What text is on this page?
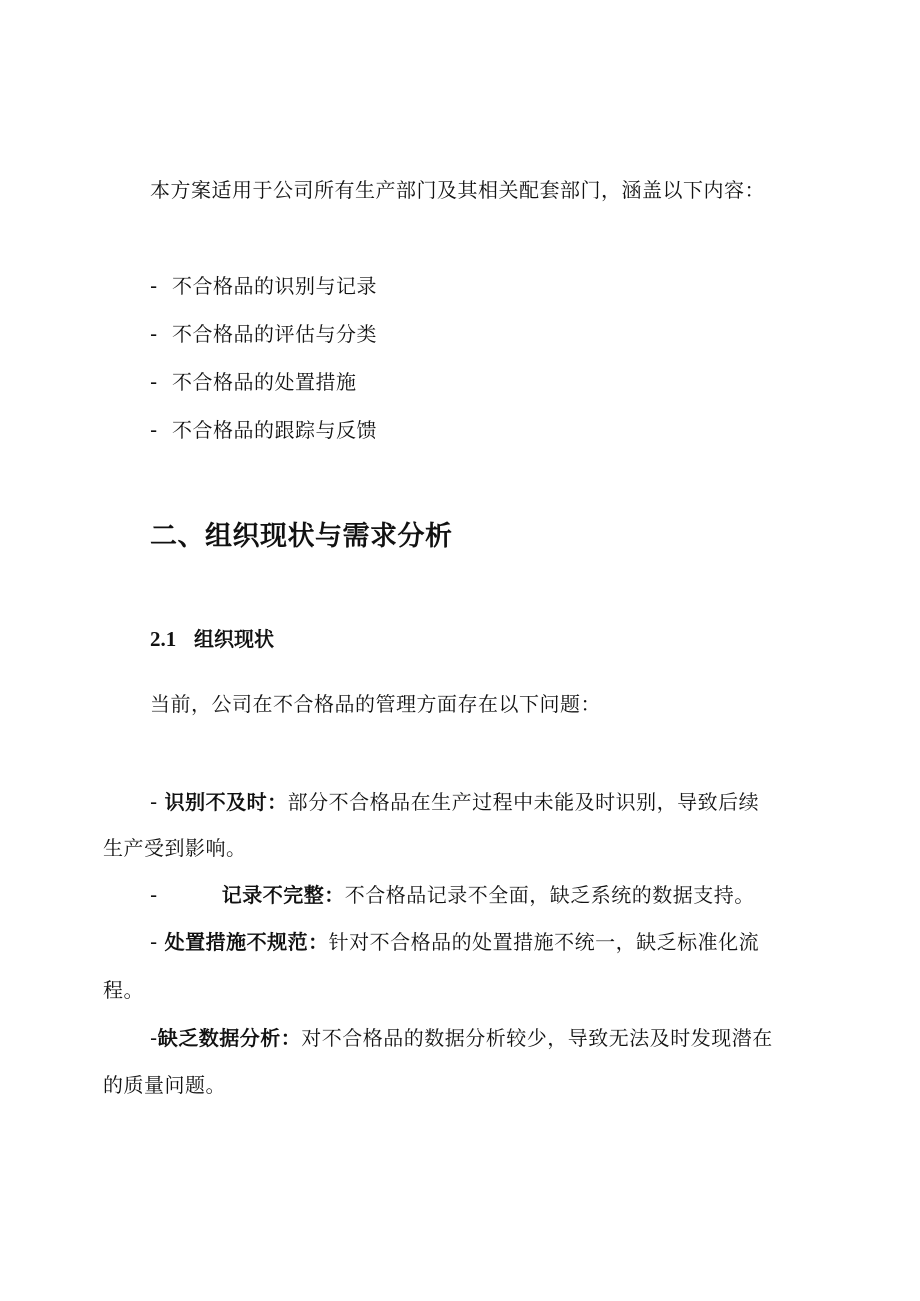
本方案适用于公司所有生产部门及其相关配套部门，涵盖以下内容：
- 不合格品的识别与记录
- 不合格品的评估与分类
- 不合格品的处置措施
- 不合格品的跟踪与反馈
二、组织现状与需求分析
2.1 组织现状
当前，公司在不合格品的管理方面存在以下问题：
- 识别不及时：部分不合格品在生产过程中未能及时识别，导致后续
生产受到影响。
-	记录不完整：不合格品记录不全面，缺乏系统的数据支持。
- 处置措施不规范：针对不合格品的处置措施不统一，缺乏标准化流
程。
-缺乏数据分析：对不合格品的数据分析较少，导致无法及时发现潜在
的质量问题。
